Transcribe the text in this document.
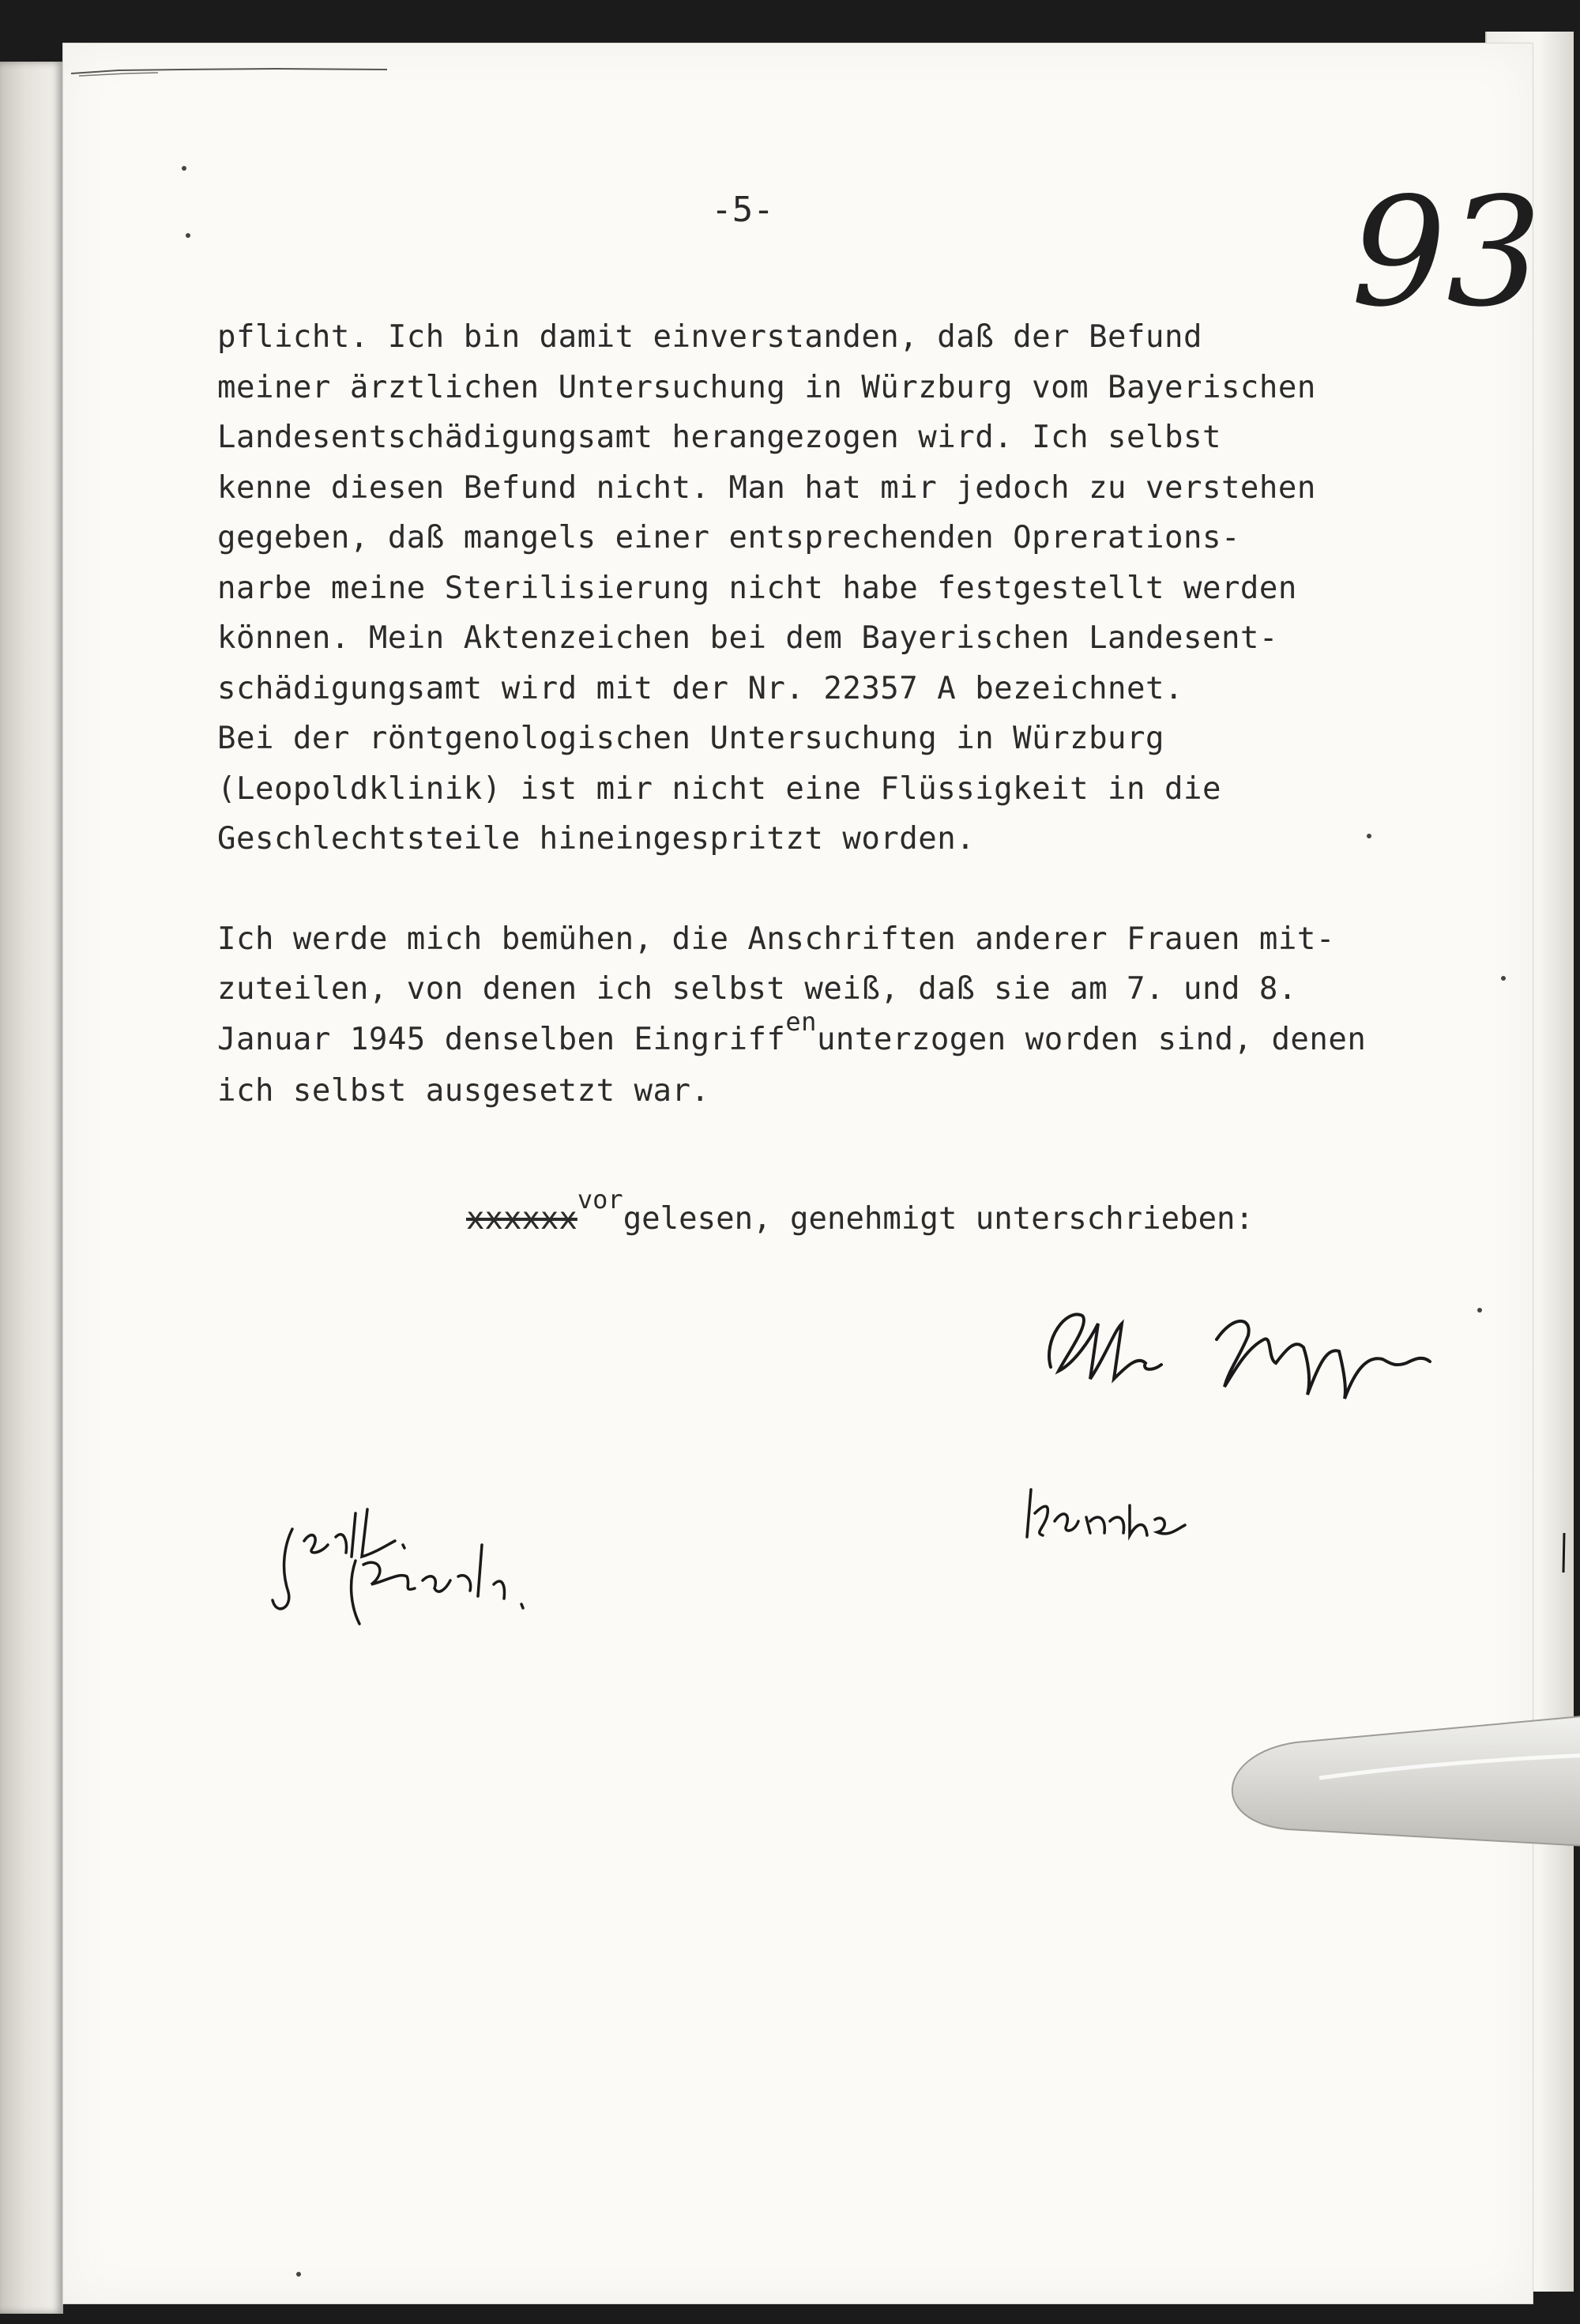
-5-	93
pflicht. Ich bin damit einverstanden, daß der Befund
meiner ärztlichen Untersuchung in Würzburg vom Bayerischen
Landesentschädigungsamt herangezogen wird. Ich selbst
kenne diesen Befund nicht. Man hat mir jedoch zu verstehen
gegeben, daß mangels einer entsprechenden Oprerations-
narbe meine Sterilisierung nicht habe festgestellt werden
können. Mein Aktenzeichen bei dem Bayerischen Landesent-
schädigungsamt wird mit der Nr. 22357 A bezeichnet.
Bei der röntgenologischen Untersuchung in Würzburg
(Leopoldklinik) ist mir nicht eine Flüssigkeit in die
Geschlechtsteile hineingespritzt worden.
Ich werde mich bemühen, die Anschriften anderer Frauen mit-
zuteilen, von denen ich selbst weiß, daß sie am 7. und 8.
Januar 1945 denselben Eingriff$^{en}$unterzogen worden sind, denen
ich selbst ausgesetzt war.
xxxxxx$^{vor}$gelesen, genehmigt unterschrieben:
